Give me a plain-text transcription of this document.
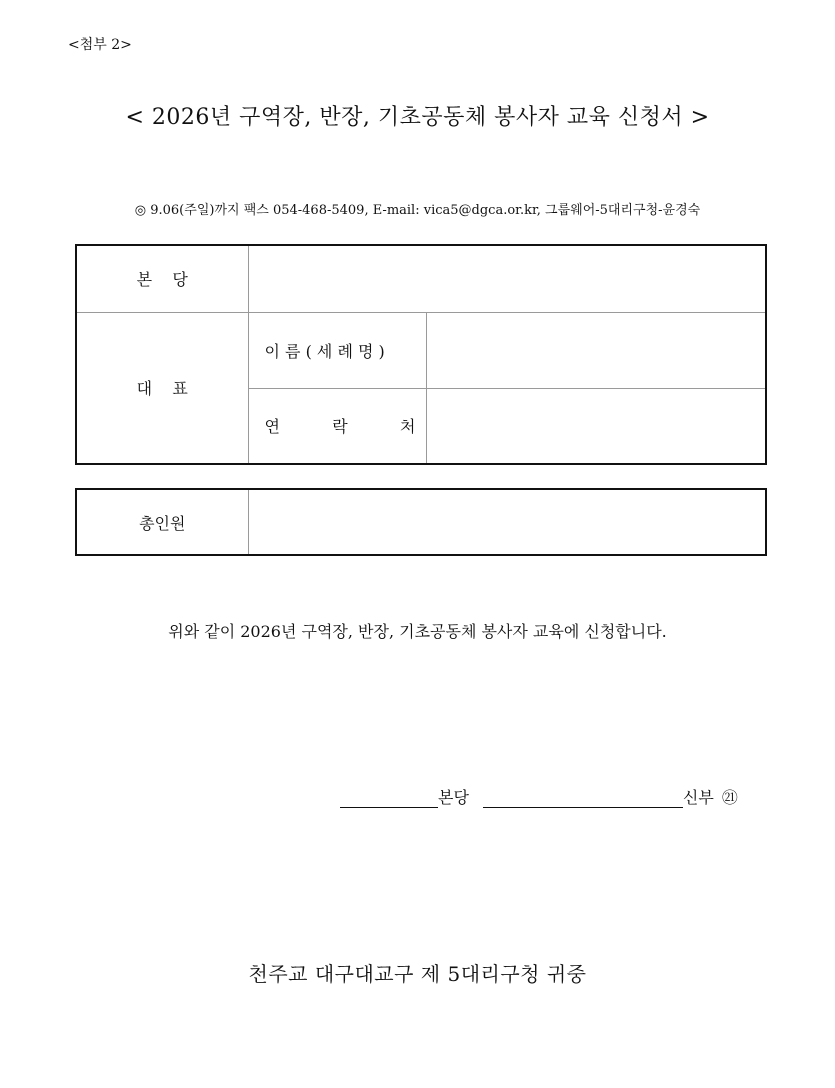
<첨부 2>
< 2026년 구역장, 반장, 기초공동체 봉사자 교육 신청서 >
◎ 9.06(주일)까지 팩스 054-468-5409, E-mail: vica5@dgca.or.kr, 그룹웨어-5대리구청-윤경숙
본    당		
대    표	이 름 ( 세 례 명 )	

	연 락 처	

총인원	
위와 같이 2026년 구역장, 반장, 기초공동체 봉사자 교육에 신청합니다.
본당	신부 ㉑
천주교 대구대교구 제 5대리구청 귀중
